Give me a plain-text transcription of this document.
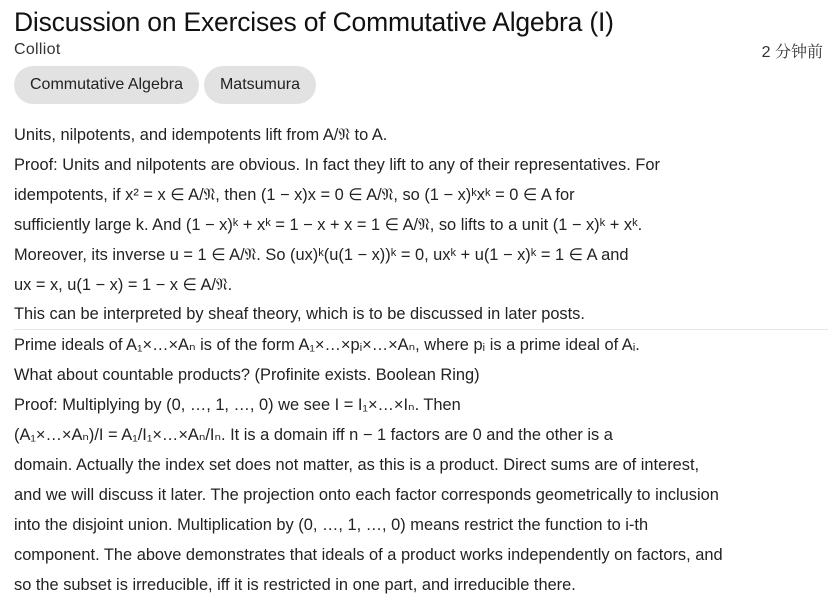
Discussion on Exercises of Commutative Algebra (I)
Colliot	2 分钟前
Commutative Algebra	Matsumura
Units, nilpotents, and idempotents lift from A/𝔑 to A.
Proof: Units and nilpotents are obvious. In fact they lift to any of their representatives. For
idempotents, if x² = x ∈ A/𝔑, then (1 − x)x = 0 ∈ A/𝔑, so (1 − x)ᵏxᵏ = 0 ∈ A for
sufficiently large k. And (1 − x)ᵏ + xᵏ = 1 − x + x = 1 ∈ A/𝔑, so lifts to a unit (1 − x)ᵏ + xᵏ.
Moreover, its inverse u = 1 ∈ A/𝔑. So (ux)ᵏ(u(1 − x))ᵏ = 0, uxᵏ + u(1 − x)ᵏ = 1 ∈ A and
ux = x, u(1 − x) = 1 − x ∈ A/𝔑.
This can be interpreted by sheaf theory, which is to be discussed in later posts.
Prime ideals of A₁×…×Aₙ is of the form A₁×…×pᵢ×…×Aₙ, where pᵢ is a prime ideal of Aᵢ.
What about countable products? (Profinite exists. Boolean Ring)
Proof: Multiplying by (0, …, 1, …, 0) we see I = I₁×…×Iₙ. Then
(A₁×…×Aₙ)/I = A₁/I₁×…×Aₙ/Iₙ. It is a domain iff n − 1 factors are 0 and the other is a
domain. Actually the index set does not matter, as this is a product. Direct sums are of interest,
and we will discuss it later. The projection onto each factor corresponds geometrically to inclusion
into the disjoint union. Multiplication by (0, …, 1, …, 0) means restrict the function to i-th
component. The above demonstrates that ideals of a product works independently on factors, and
so the subset is irreducible, iff it is restricted in one part, and irreducible there.
